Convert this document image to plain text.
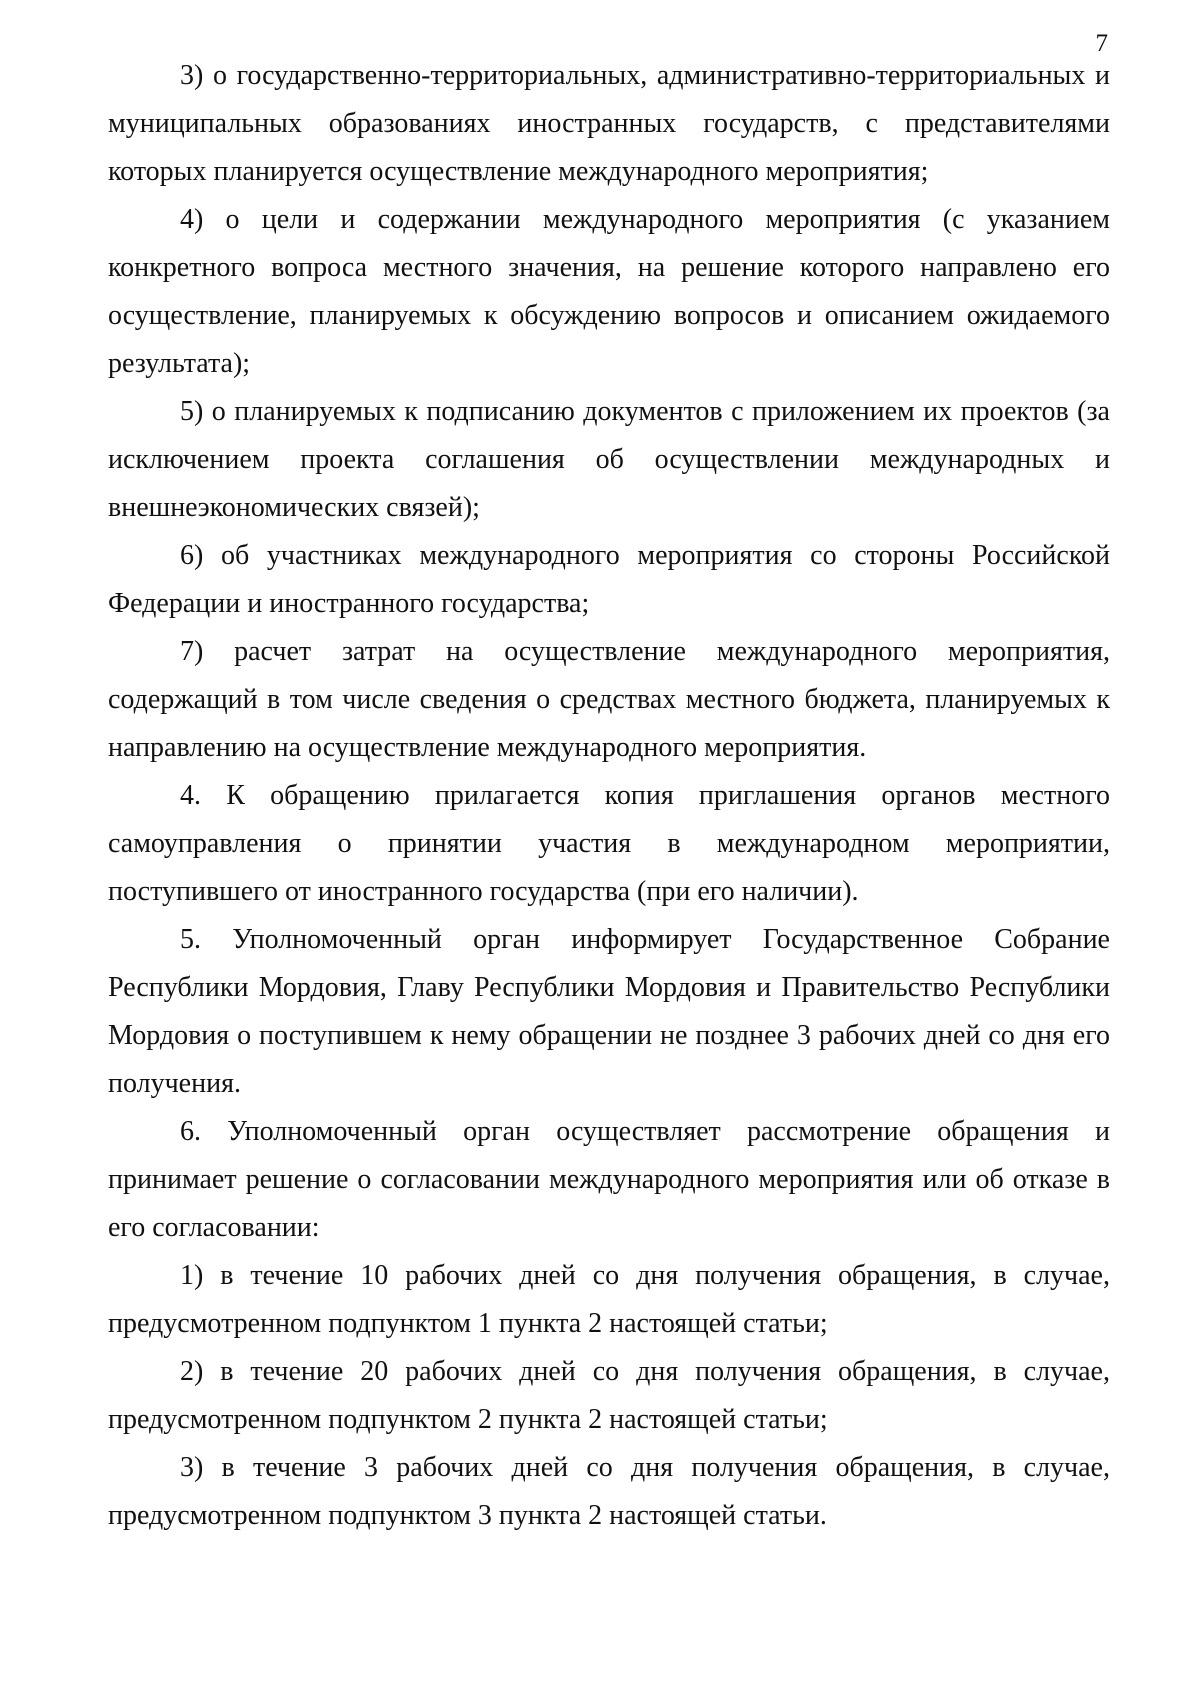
7

3) о государственно-территориальных, административно-территориальных и муниципальных образованиях иностранных государств, с представителями которых планируется осуществление международного мероприятия;

4) о цели и содержании международного мероприятия (с указанием конкретного вопроса местного значения, на решение которого направлено его осуществление, планируемых к обсуждению вопросов и описанием ожидаемого результата);

5) о планируемых к подписанию документов с приложением их проектов (за исключением проекта соглашения об осуществлении международных и внешнеэкономических связей);

6) об участниках международного мероприятия со стороны Российской Федерации и иностранного государства;

7) расчет затрат на осуществление международного мероприятия, содержащий в том числе сведения о средствах местного бюджета, планируемых к направлению на осуществление международного мероприятия.

4. К обращению прилагается копия приглашения органов местного самоуправления о принятии участия в международном мероприятии, поступившего от иностранного государства (при его наличии).

5. Уполномоченный орган информирует Государственное Собрание Республики Мордовия, Главу Республики Мордовия и Правительство Республики Мордовия о поступившем к нему обращении не позднее 3 рабочих дней со дня его получения.

6. Уполномоченный орган осуществляет рассмотрение обращения и принимает решение о согласовании международного мероприятия или об отказе в его согласовании:

1) в течение 10 рабочих дней со дня получения обращения, в случае, предусмотренном подпунктом 1 пункта 2 настоящей статьи;

2) в течение 20 рабочих дней со дня получения обращения, в случае, предусмотренном подпунктом 2 пункта 2 настоящей статьи;

3) в течение 3 рабочих дней со дня получения обращения, в случае, предусмотренном подпунктом 3 пункта 2 настоящей статьи.
